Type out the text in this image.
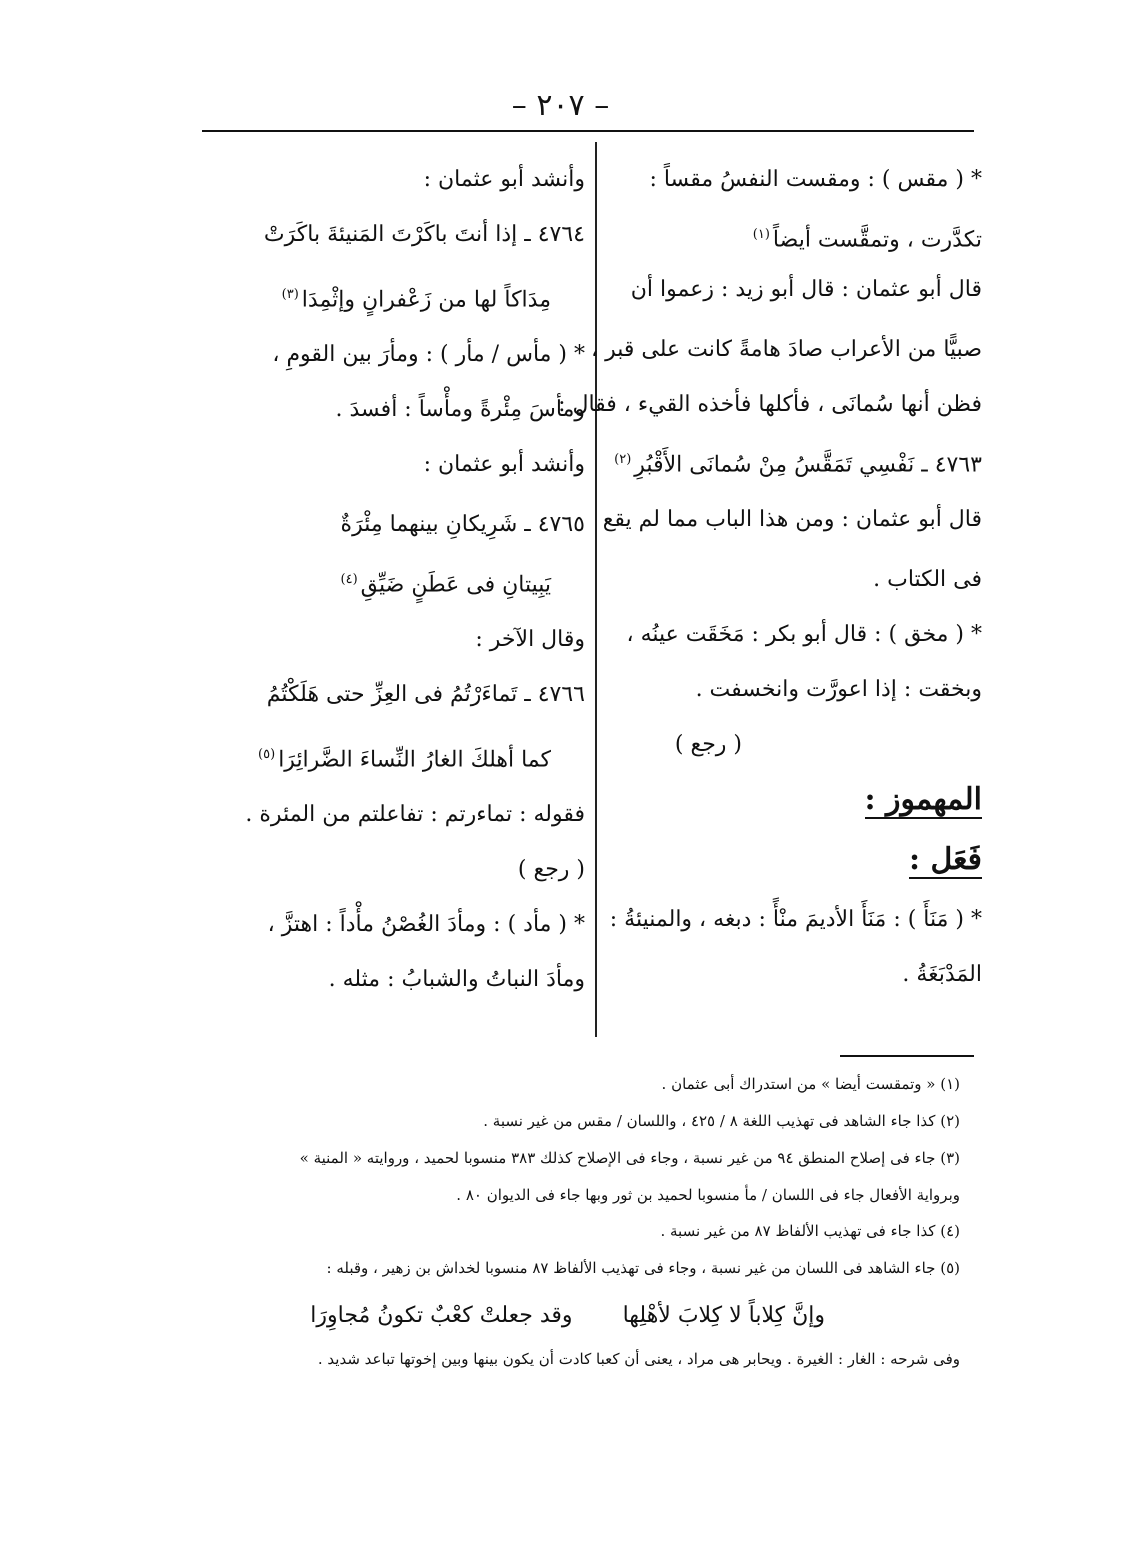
– ٢٠٧ –
* ( مقس ) : ومقست النفسُ مقساً :
تكدَّرت ، وتمقَّست أيضاً$^{(١)}$
قال أبو عثمان : قال أبو زيد : زعموا أن
صبيًّا من الأعراب صادَ هامةً كانت على قبر ،
فظن أنها سُمانَى ، فأكلها فأخذه القيء ، فقال :
٤٧٦٣ ـ نَفْسِي تَمَقَّسُ مِنْ سُمانَى الأَقْبُرِ$^{(٢)}$
قال أبو عثمان : ومن هذا الباب مما لم يقع
فى الكتاب .
* ( مخق ) : قال أبو بكر : مَخَقَت عينُه ،
وبخقت : إذا اعورَّت وانخسفت .
( رجع )
المهموز :
فَعَل :
* ( مَنَأَ ) : مَنَأَ الأديمَ منْأً : دبغه ، والمنيئةُ :
المَدْبَغَةُ .
وأنشد أبو عثمان :
٤٧٦٤ ـ إذا أنتَ باكَرْتَ المَنيئةَ باكَرَتْ
مِدَاكاً لها من زَعْفرانٍ وإثْمِدَا$^{(٣)}$
* ( مأس / مأر ) : ومأرَ بين القومِ ،
ومأسَ مِئْرةً ومأْساً : أفسدَ .
وأنشد أبو عثمان :
٤٧٦٥ ـ شَرِيكانِ بينهما مِئْرَةٌ
يَبِيتانِ فى عَطَنٍ ضَيِّقِ$^{(٤)}$
وقال الآخر :
٤٧٦٦ ـ تَماءَرْتُمُ فى العِزِّ حتى هَلَكْتُمُ
كما أهلكَ الغارُ النِّساءَ الضَّرائِرَا$^{(٥)}$
فقوله : تماءرتم : تفاعلتم من المئرة .
( رجع )
* ( مأد ) : ومأدَ الغُصْنُ مأْداً : اهتزَّ ،
ومأدَ النباتُ والشبابُ : مثله .
(١) « وتمقست أيضا » من استدراك أبى عثمان .
(٢) كذا جاء الشاهد فى تهذيب اللغة ٨ / ٤٢٥ ، واللسان / مقس من غير نسبة .
(٣) جاء فى إصلاح المنطق ٩٤ من غير نسبة ، وجاء فى الإصلاح كذلك ٣٨٣ منسوبا لحميد ، وروايته « المنية »
وبرواية الأفعال جاء فى اللسان / مأ منسوبا لحميد بن ثور وبها جاء فى الديوان ٨٠ .
(٤) كذا جاء فى تهذيب الألفاظ ٨٧ من غير نسبة .
(٥) جاء الشاهد فى اللسان من غير نسبة ، وجاء فى تهذيب الألفاظ ٨٧ منسوبا لخداش بن زهير ، وقبله :
وإنَّ كِلاباً لا كِلابَ لأهْلِهاوقد جعلتْ كعْبٌ تكونُ مُجاوِرَا
وفى شرحه : الغار : الغيرة . ويحابر هى مراد ، يعنى أن كعبا كادت أن يكون بينها وبين إخوتها تباعد شديد .
